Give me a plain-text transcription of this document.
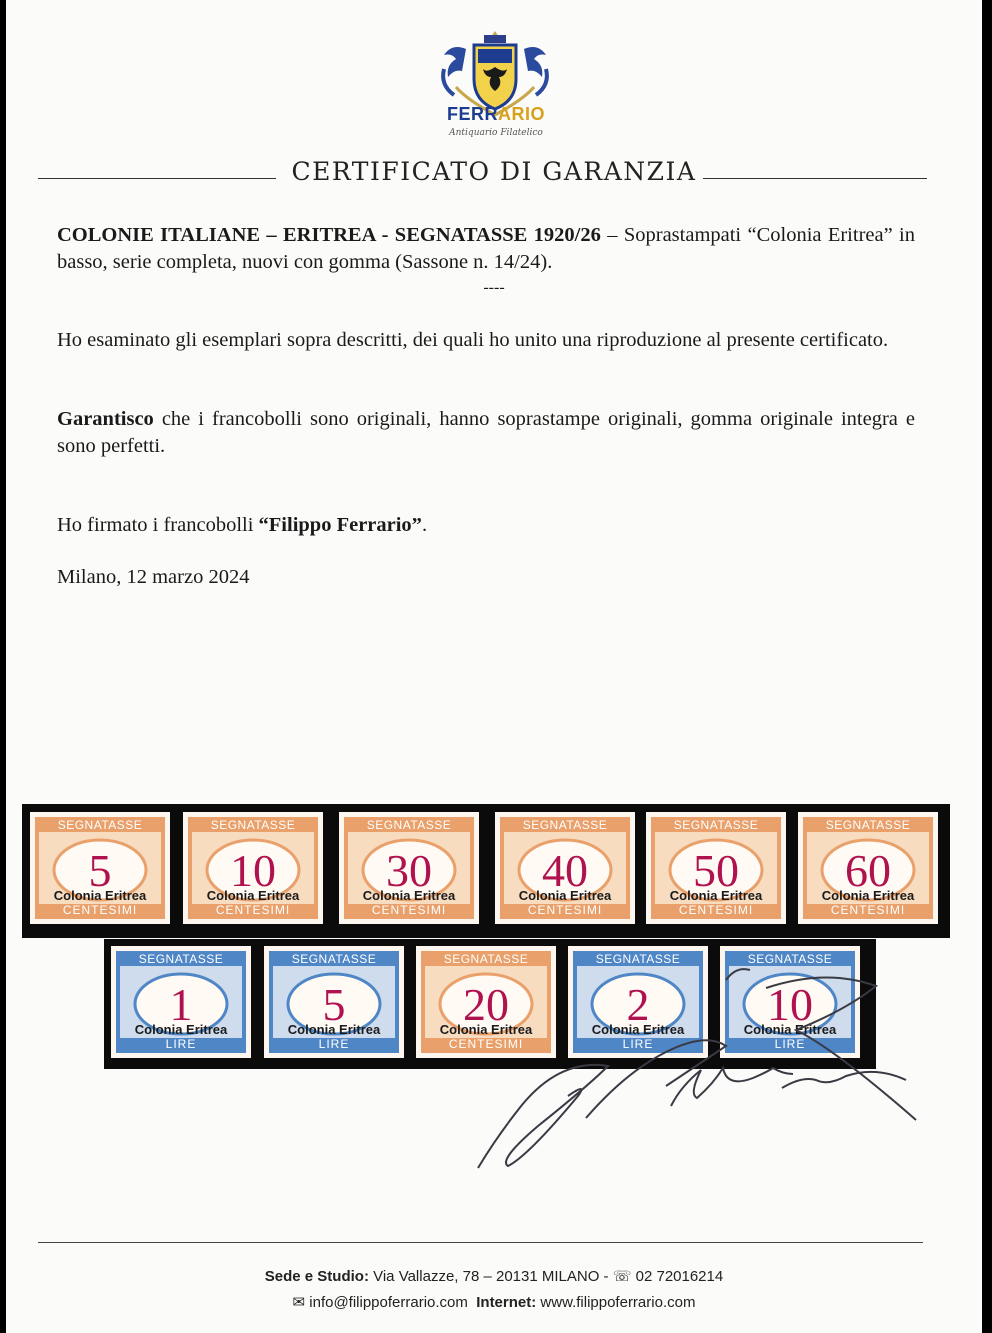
FERRARIO
Antiquario Filatelico
CERTIFICATO DI GARANZIA
COLONIE ITALIANE – ERITREA - SEGNATASSE 1920/26 – Soprastampati “Colonia Eritrea” in basso, serie completa, nuovi con gomma (Sassone n. 14/24).
----
Ho esaminato gli esemplari sopra descritti, dei quali ho unito una riproduzione al presente certificato.
Garantisco che i francobolli sono originali, hanno soprastampe originali, gomma originale integra e sono perfetti.
Ho firmato i francobolli “Filippo Ferrario”.
Milano, 12 marzo 2024
Sede e Studio: Via Vallazze, 78 – 20131 MILANO - ☏ 02 72016214
✉ info@filippoferrario.com Internet: www.filippoferrario.com
SEGNATASSE
5
Colonia Eritrea
CENTESIMI
SEGNATASSE
10
Colonia Eritrea
CENTESIMI
SEGNATASSE
30
Colonia Eritrea
CENTESIMI
SEGNATASSE
40
Colonia Eritrea
CENTESIMI
SEGNATASSE
50
Colonia Eritrea
CENTESIMI
SEGNATASSE
60
Colonia Eritrea
CENTESIMI
SEGNATASSE
1
Colonia Eritrea
LIRE
SEGNATASSE
5
Colonia Eritrea
LIRE
SEGNATASSE
20
Colonia Eritrea
CENTESIMI
SEGNATASSE
2
Colonia Eritrea
LIRE
SEGNATASSE
10
Colonia Eritrea
LIRE
